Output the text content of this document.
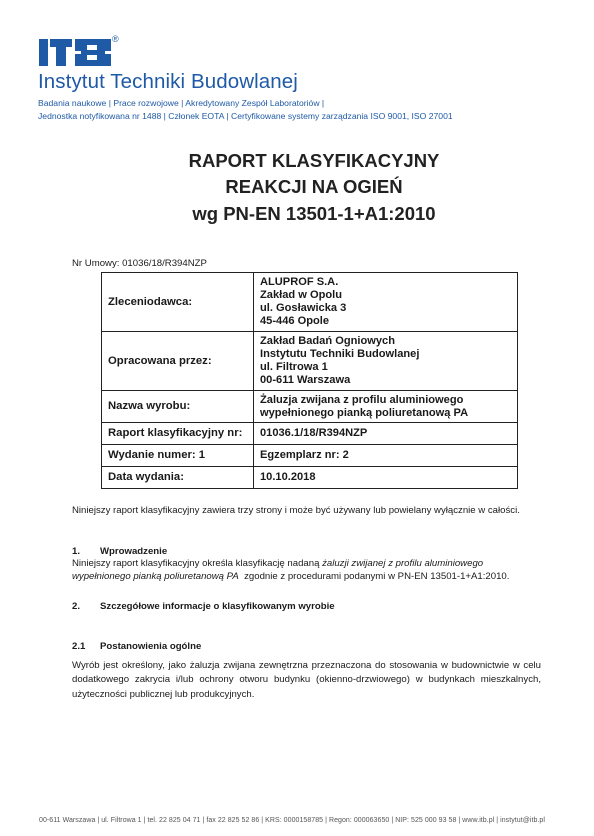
®
Instytut Techniki Budowlanej
Badania naukowe | Prace rozwojowe | Akredytowany Zespół Laboratoriów |
Jednostka notyfikowana nr 1488 | Członek EOTA | Certyfikowane systemy zarządzania ISO 9001, ISO 27001
RAPORT KLASYFIKACYJNY
REAKCJI NA OGIEŃ
wg PN-EN 13501-1+A1:2010
Nr Umowy: 01036/18/R394NZP
Zleceniodawca:	ALUPROF S.A.
Zakład w Opolu
ul. Gosławicka 3
45-446 Opole

Opracowana przez:	Zakład Badań Ogniowych
Instytutu Techniki Budowlanej
ul. Filtrowa 1
00-611 Warszawa

Nazwa wyrobu:	Żaluzja zwijana z profilu aluminiowego
wypełnionego pianką poliuretanową PA

Raport klasyfikacyjny nr:	01036.1/18/R394NZP
Wydanie numer: 1	Egzemplarz nr: 2
Data wydania:	10.10.2018
Niniejszy raport klasyfikacyjny zawiera trzy strony i może być używany lub powielany wyłącznie w całości.
1. Wprowadzenie
Niniejszy raport klasyfikacyjny określa klasyfikację nadaną żaluzji zwijanej z profilu aluminiowego
wypełnionego pianką poliuretanową PA  zgodnie z procedurami podanymi w PN-EN 13501-1+A1:2010.
2. Szczegółowe informacje o klasyfikowanym wyrobie
2.1 Postanowienia ogólne
Wyrób jest określony, jako żaluzja zwijana zewnętrzna przeznaczona do stosowania w budownictwie w celu dodatkowego zakrycia i/lub ochrony otworu budynku (okienno-drzwiowego) w budynkach mieszkalnych, użyteczności publicznej lub produkcyjnych.
00-611 Warszawa | ul. Filtrowa 1 | tel. 22 825 04 71 | fax 22 825 52 86 | KRS: 0000158785 | Regon: 000063650 | NIP: 525 000 93 58 | www.itb.pl | instytut@itb.pl
